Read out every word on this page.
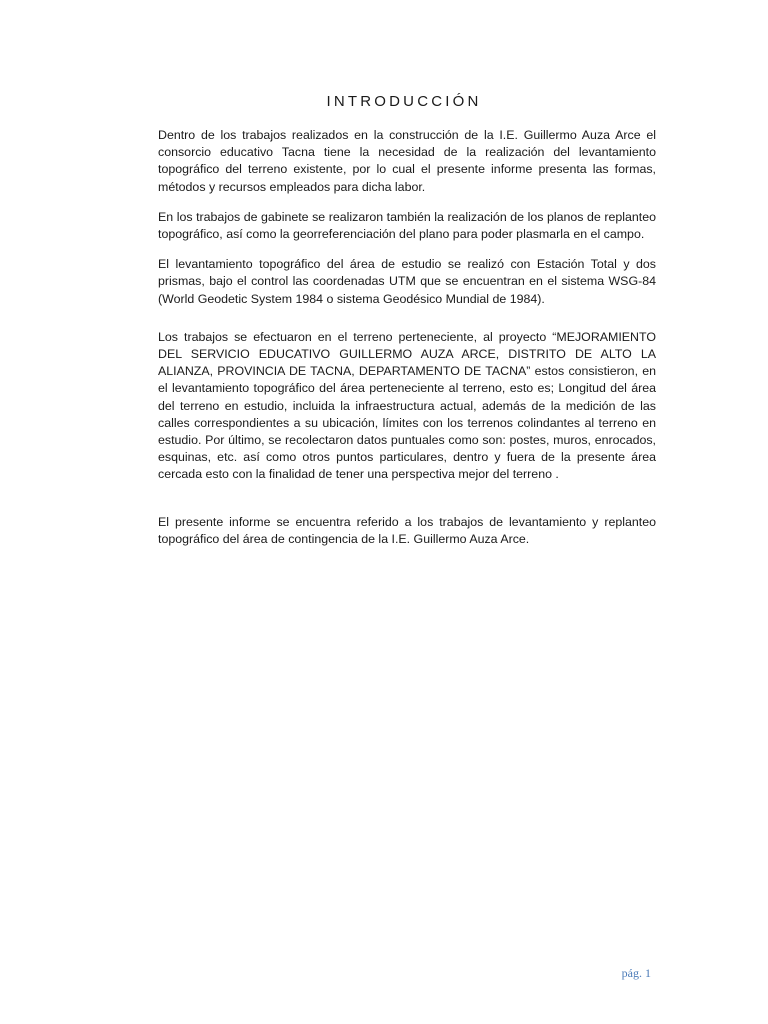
INTRODUCCIÓN

Dentro de los trabajos realizados en la construcción de la I.E. Guillermo Auza Arce el consorcio educativo Tacna tiene la necesidad de la realización del levantamiento topográfico del terreno existente, por lo cual el presente informe presenta las formas, métodos y recursos empleados para dicha labor.

En los trabajos de gabinete se realizaron también la realización de los planos de replanteo topográfico, así como la georreferenciación del plano para poder plasmarla en el campo.

El levantamiento topográfico del área de estudio se realizó con Estación Total y dos prismas, bajo el control las coordenadas UTM que se encuentran en el sistema WSG-84 (World Geodetic System 1984 o sistema Geodésico Mundial de 1984).

Los trabajos se efectuaron en el terreno perteneciente, al proyecto “MEJORAMIENTO DEL SERVICIO EDUCATIVO GUILLERMO AUZA ARCE, DISTRITO DE ALTO LA ALIANZA, PROVINCIA DE TACNA, DEPARTAMENTO DE TACNA” estos consistieron, en el levantamiento topográfico del área perteneciente al terreno, esto es; Longitud del área del terreno en estudio, incluida la infraestructura actual, además de la medición de las calles correspondientes a su ubicación, límites con los terrenos colindantes al terreno en estudio. Por último, se recolectaron datos puntuales como son: postes, muros, enrocados, esquinas, etc. así como otros puntos particulares, dentro y fuera de la presente área cercada esto con la finalidad de tener una perspectiva mejor del terreno .

El presente informe se encuentra referido a los trabajos de levantamiento y replanteo topográfico del área de contingencia de la I.E. Guillermo Auza Arce.

pág. 1
